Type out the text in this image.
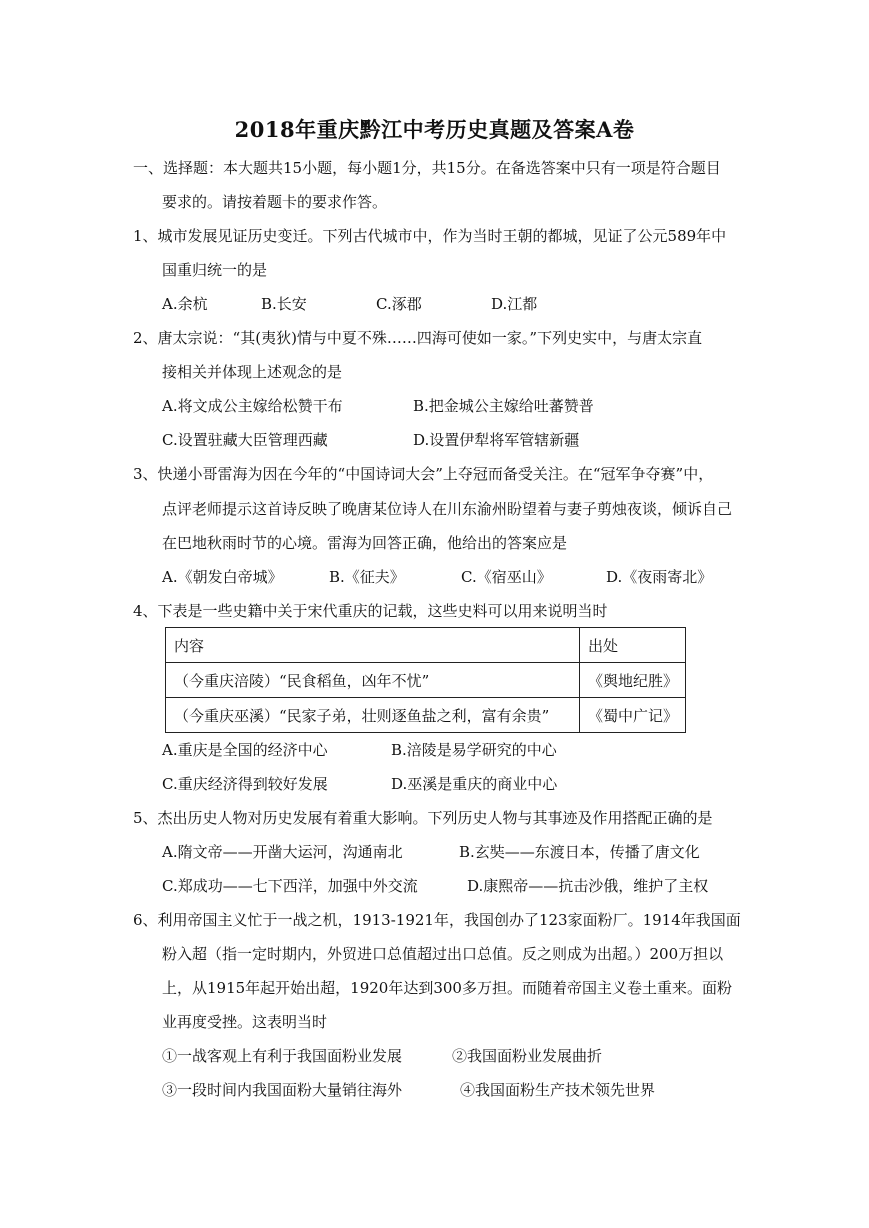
2018年重庆黔江中考历史真题及答案A卷
一、选择题：本大题共15小题，每小题1分，共15分。在备选答案中只有一项是符合题目
要求的。请按着题卡的要求作答。
1、城市发展见证历史变迁。下列古代城市中，作为当时王朝的都城，见证了公元589年中
国重归统一的是
A.余杭	B.长安	C.涿郡	D.江都
2、唐太宗说：“其(夷狄)情与中夏不殊……四海可使如一家。”下列史实中，与唐太宗直
接相关并体现上述观念的是
A.将文成公主嫁给松赞干布	B.把金城公主嫁给吐蕃赞普
C.设置驻藏大臣管理西藏	D.设置伊犁将军管辖新疆
3、快递小哥雷海为因在今年的“中国诗词大会”上夺冠而备受关注。在“冠军争夺赛”中，
点评老师提示这首诗反映了晚唐某位诗人在川东渝州盼望着与妻子剪烛夜谈，倾诉自己
在巴地秋雨时节的心境。雷海为回答正确，他给出的答案应是
A.《朝发白帝城》	B.《征夫》	C.《宿巫山》	D.《夜雨寄北》
4、下表是一些史籍中关于宋代重庆的记载，这些史料可以用来说明当时
内容	出处
（今重庆涪陵）“民食稻鱼，凶年不忧”	《舆地纪胜》
（今重庆巫溪）“民家子弟，壮则逐鱼盐之利，富有余贵”	《蜀中广记》
A.重庆是全国的经济中心	B.涪陵是易学研究的中心
C.重庆经济得到较好发展	D.巫溪是重庆的商业中心
5、杰出历史人物对历史发展有着重大影响。下列历史人物与其事迹及作用搭配正确的是
A.隋文帝——开凿大运河，沟通南北	B.玄奘——东渡日本，传播了唐文化
C.郑成功——七下西洋，加强中外交流	D.康熙帝——抗击沙俄，维护了主权
6、利用帝国主义忙于一战之机，1913-1921年，我国创办了123家面粉厂。1914年我国面
粉入超（指一定时期内，外贸进口总值超过出口总值。反之则成为出超。）200万担以
上，从1915年起开始出超，1920年达到300多万担。而随着帝国主义卷土重来。面粉
业再度受挫。这表明当时
①一战客观上有利于我国面粉业发展	②我国面粉业发展曲折
③一段时间内我国面粉大量销往海外	④我国面粉生产技术领先世界
